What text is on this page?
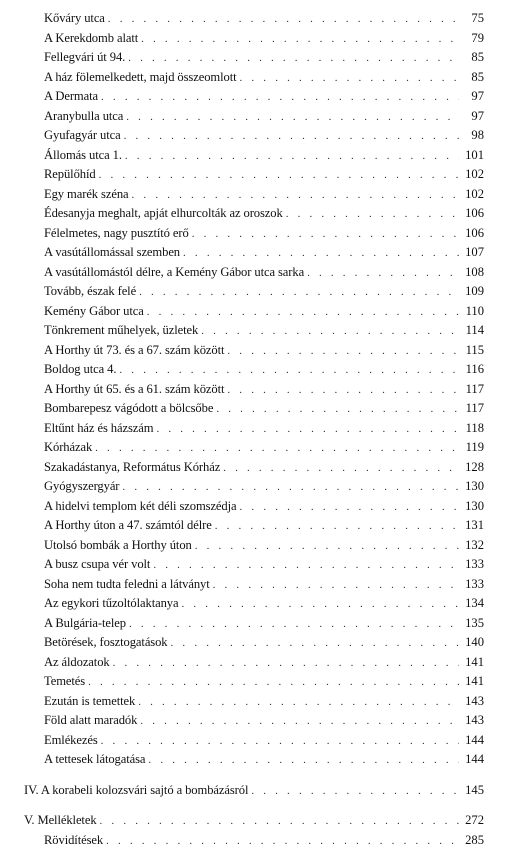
Kőváry utca . . .	75
A Kerekdomb alatt . . .	79
Fellegvári út 94. . . .	85
A ház fölemelkedett, majd összeomlott . . .	85
A Dermata . . .	97
Aranybulla utca . . .	97
Gyufagyár utca . . .	98
Állomás utca 1. . . .	101
Repülőhíd . . .	102
Egy marék széna . . .	102
Édesanyja meghalt, apját elhurcolták az oroszok . . .	106
Félelmetes, nagy pusztító erő . . .	106
A vasútállomással szemben . . .	107
A vasútállomástól délre, a Kemény Gábor utca sarka . . .	108
Tovább, észak felé . . .	109
Kemény Gábor utca . . .	110
Tönkrement műhelyek, üzletek . . .	114
A Horthy út 73. és a 67. szám között . . .	115
Boldog utca 4. . . .	116
A Horthy út 65. és a 61. szám között . . .	117
Bombarepesz vágódott a bölcsőbe . . .	117
Eltűnt ház és házszám . . .	118
Kórházak . . .	119
Szakadástanya, Református Kórház . . .	128
Gyógyszergyár . . .	130
A hidelvi templom két déli szomszédja . . .	130
A Horthy úton a 47. számtól délre . . .	131
Utolsó bombák a Horthy úton . . .	132
A busz csupa vér volt . . .	133
Soha nem tudta feledni a látványt . . .	133
Az egykori tűzoltólaktanya . . .	134
A Bulgária-telep . . .	135
Betörések, fosztogatások . . .	140
Az áldozatok . . .	141
Temetés . . .	141
Ezután is temettek . . .	143
Föld alatt maradók . . .	143
Emlékezés . . .	144
A tettesek látogatása . . .	144
IV. A korabeli kolozsvári sajtó a bombázásról . . .	145
V. Mellékletek . . .	272
Rövidítések . . .	285
